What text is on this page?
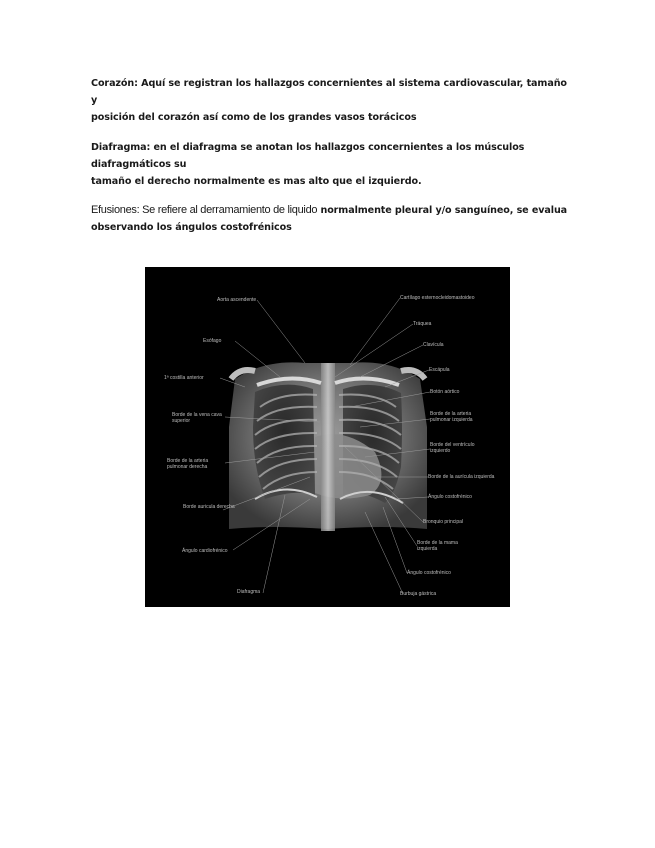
Corazón: Aquí se registran los hallazgos concernientes al sistema cardiovascular, tamaño y
posición del corazón así como de los grandes vasos torácicos
Diafragma: en el diafragma se anotan los hallazgos concernientes a los músculos diafragmáticos su
tamaño el derecho normalmente es mas alto que el izquierdo.
Efusiones: Se refiere al derramamiento de liquido normalmente pleural y/o sanguíneo, se evalua
observando los ángulos costofrénicos
Aorta ascendente
Esófago
1ª costilla anterior
Borde de la vena cava superior
Borde de la arteria pulmonar derecha
Borde auricula derecha
Ángulo cardiofrénico
Diafragma
Cartílago esternocleidomastoideo
Tráquea
Clavícula
Escápula
Botón aórtico
Borde de la arteria pulmonar izquierda
Borde del ventrículo izquierdo
Borde de la aurícula izquierda
Ángulo costofrénico
Bronquio principal
Borde de la mama izquierda
Ángulo costofrénico
Burbuja gástrica
